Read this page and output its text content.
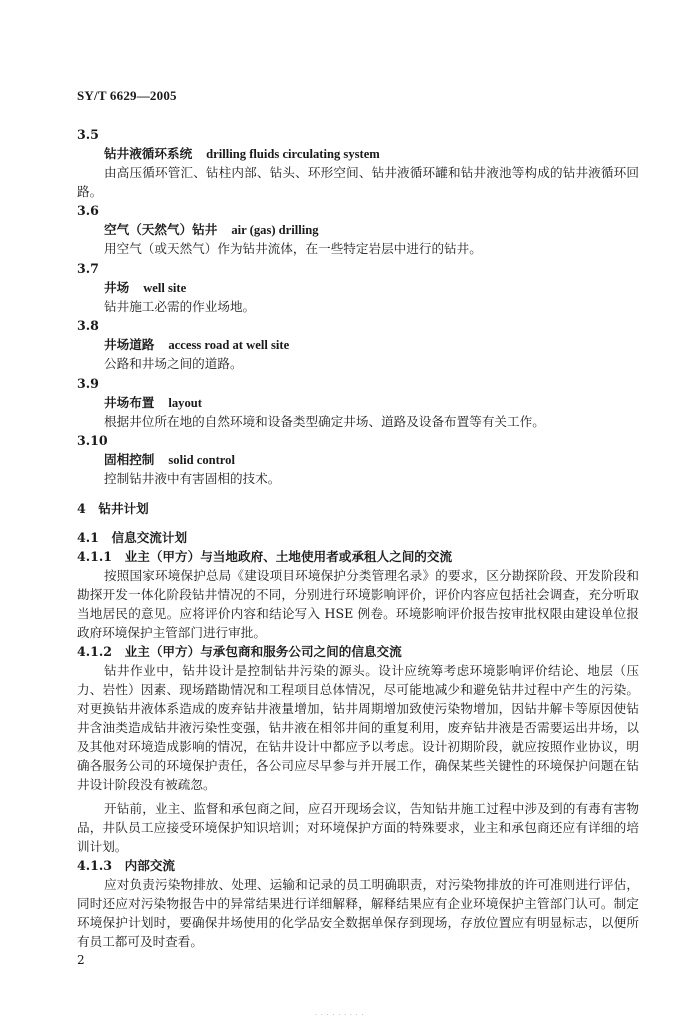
SY/T 6629—2005
3.5
钻井液循环系统 drilling fluids circulating system
由高压循环管汇、钻柱内部、钻头、环形空间、钻井液循环罐和钻井液池等构成的钻井液循环回
路。
3.6
空气（天然气）钻井 air (gas) drilling
用空气（或天然气）作为钻井流体，在一些特定岩层中进行的钻井。
3.7
井场 well site
钻井施工必需的作业场地。
3.8
井场道路 access road at well site
公路和井场之间的道路。
3.9
井场布置 layout
根据井位所在地的自然环境和设备类型确定井场、道路及设备布置等有关工作。
3.10
固相控制 solid control
控制钻井液中有害固相的技术。
4　钻井计划
4.1　信息交流计划
4.1.1　业主（甲方）与当地政府、土地使用者或承租人之间的交流
按照国家环境保护总局《建设项目环境保护分类管理名录》的要求，区分勘探阶段、开发阶段和
勘探开发一体化阶段钻井情况的不同，分别进行环境影响评价，评价内容应包括社会调查，充分听取
当地居民的意见。应将评价内容和结论写入 HSE 例卷。环境影响评价报告按审批权限由建设单位报
政府环境保护主管部门进行审批。
4.1.2　业主（甲方）与承包商和服务公司之间的信息交流
钻井作业中，钻井设计是控制钻井污染的源头。设计应统筹考虑环境影响评价结论、地层（压
力、岩性）因素、现场踏勘情况和工程项目总体情况，尽可能地减少和避免钻井过程中产生的污染。
对更换钻井液体系造成的废弃钻井液量增加，钻井周期增加致使污染物增加，因钻井解卡等原因使钻
井含油类造成钻井液污染性变强，钻井液在相邻井间的重复利用，废弃钻井液是否需要运出井场，以
及其他对环境造成影响的情况，在钻井设计中都应予以考虑。设计初期阶段，就应按照作业协议，明
确各服务公司的环境保护责任，各公司应尽早参与并开展工作，确保某些关键性的环境保护问题在钻
井设计阶段没有被疏忽。
开钻前，业主、监督和承包商之间，应召开现场会议，告知钻井施工过程中涉及到的有毒有害物
品，井队员工应接受环境保护知识培训；对环境保护方面的特殊要求，业主和承包商还应有详细的培
训计划。
4.1.3　内部交流
应对负责污染物排放、处理、运输和记录的员工明确职责，对污染物排放的许可准则进行评估，
同时还应对污染物报告中的异常结果进行详细解释，解释结果应有企业环境保护主管部门认可。制定
环境保护计划时，要确保井场使用的化学品安全数据单保存到现场，存放位置应有明显标志，以便所
有员工都可及时查看。
2
· · · · · · · · ·
